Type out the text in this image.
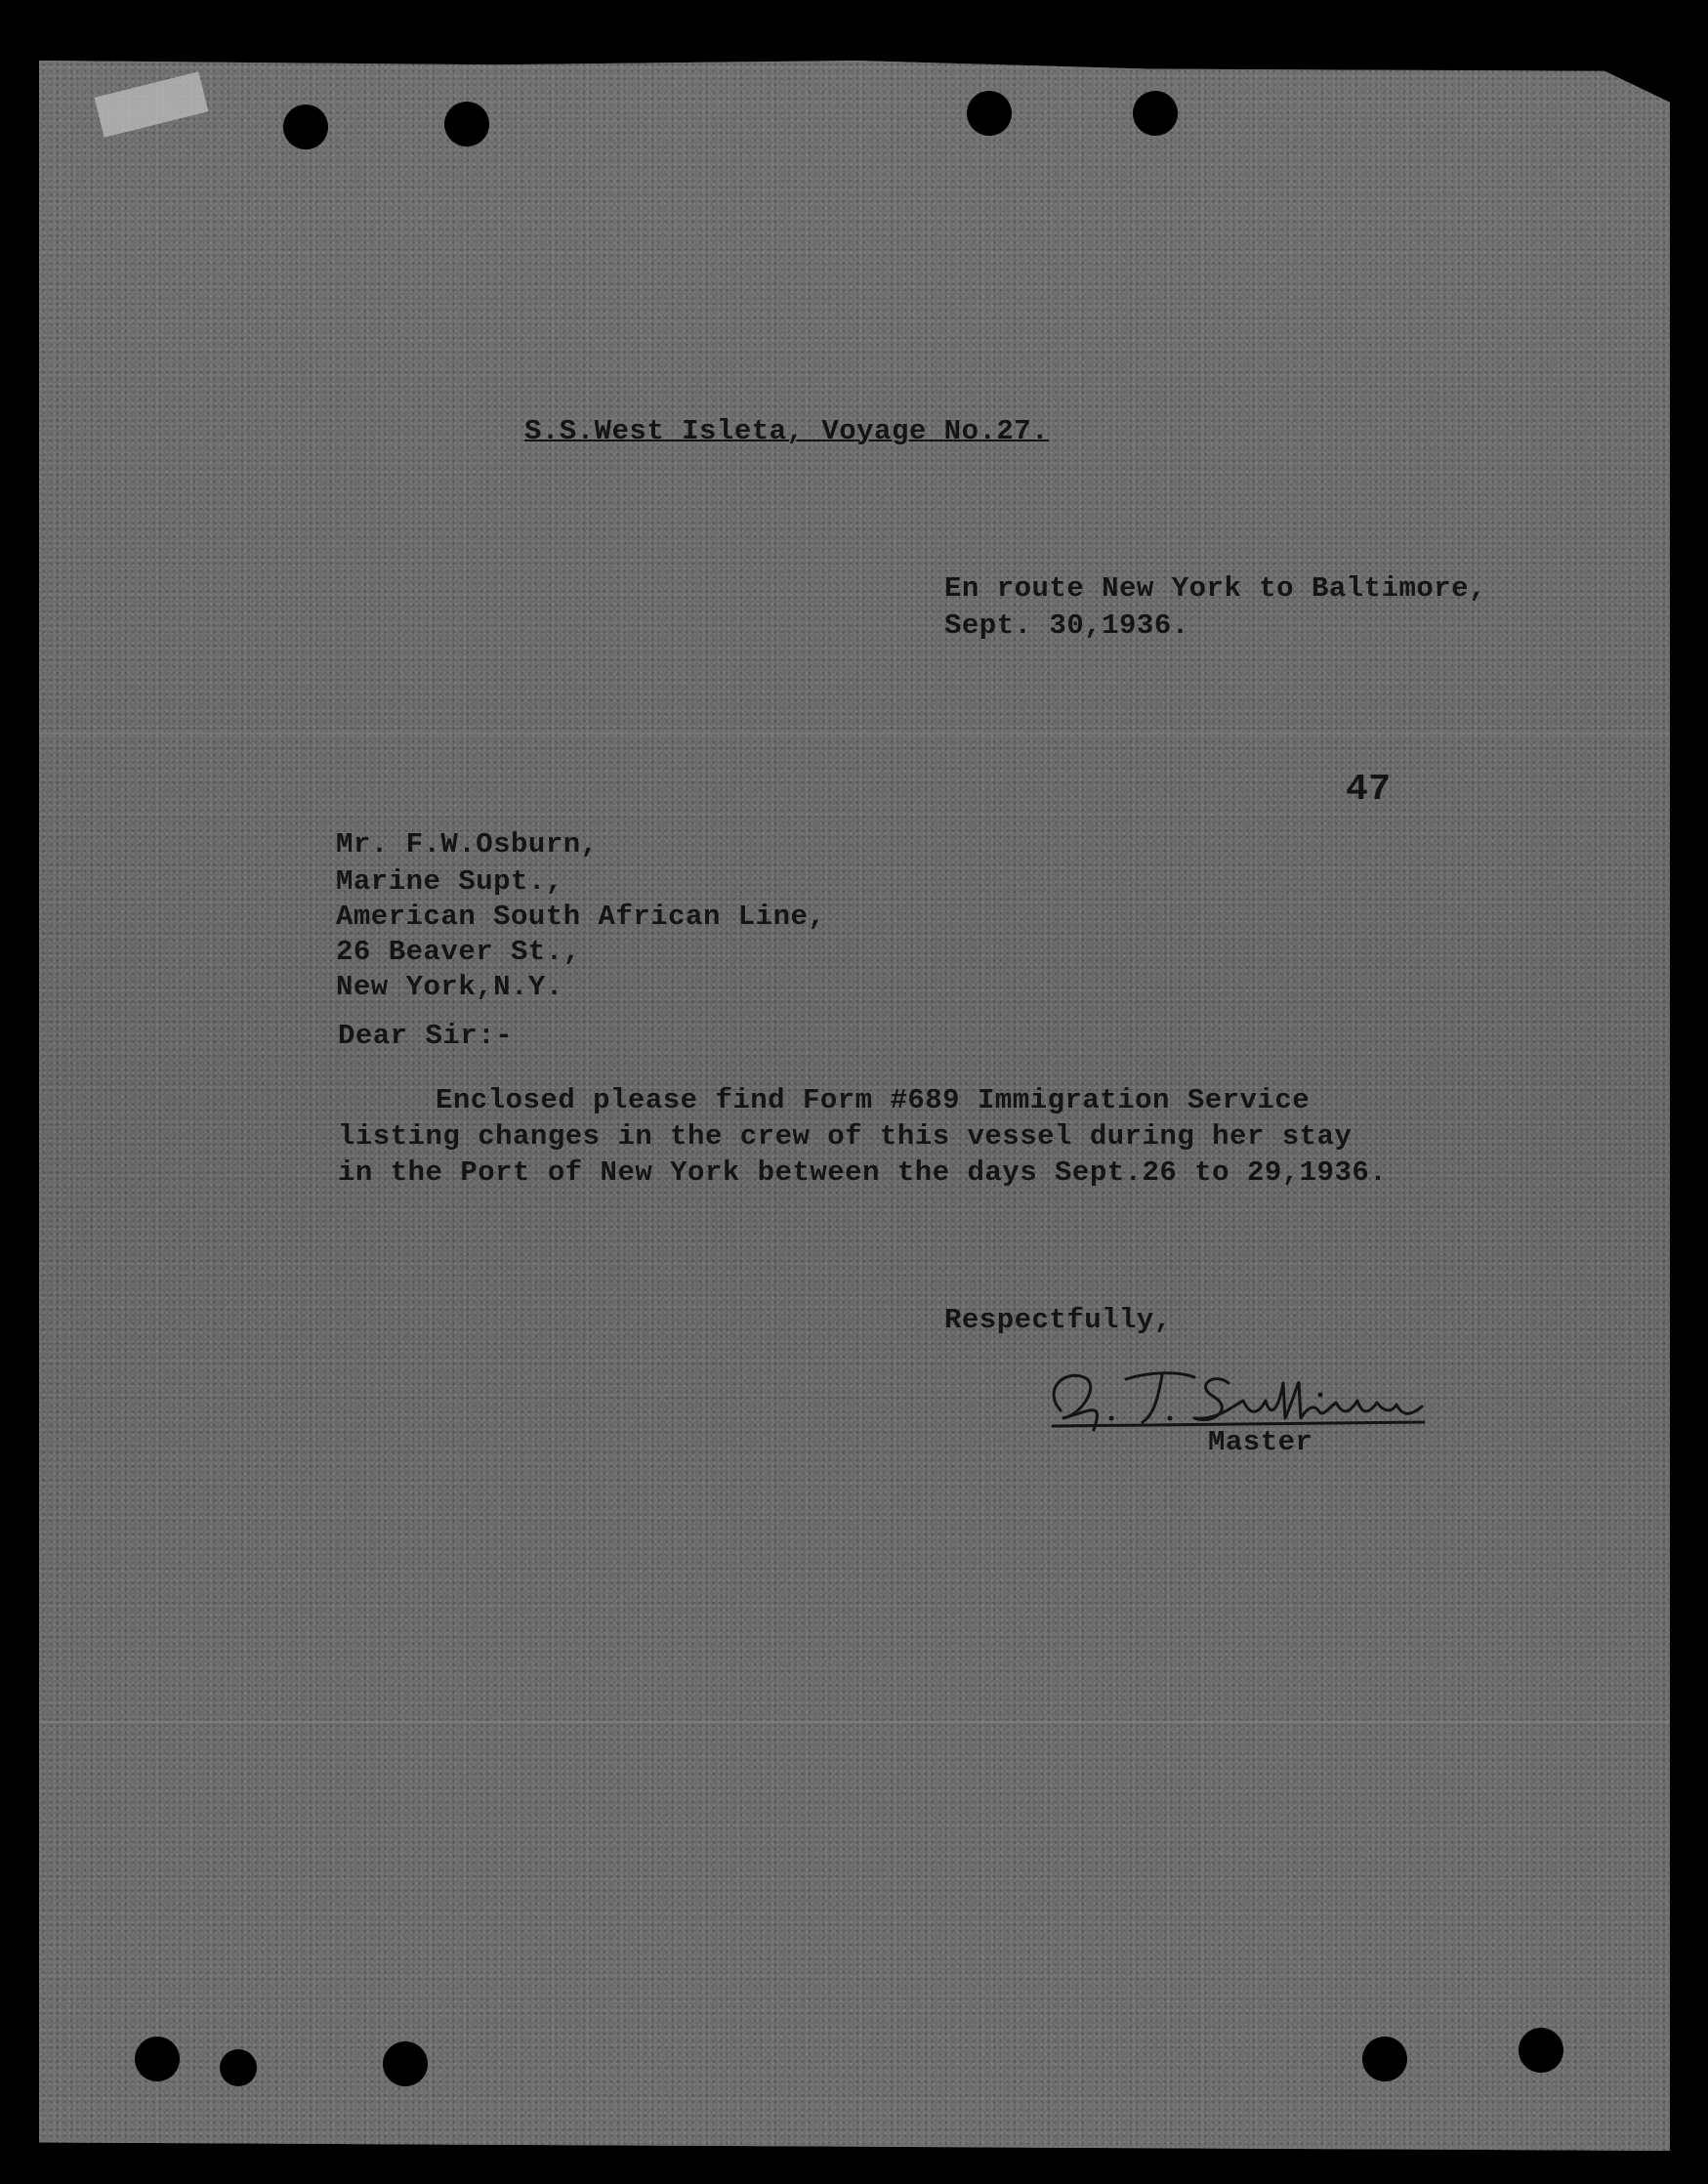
S.S.West Isleta, Voyage No.27.

En route New York to Baltimore,

Sept. 30,1936.

47

Mr. F.W.Osburn,

Marine Supt.,

American South African Line,

26 Beaver St.,

New York,N.Y.

Dear Sir:-

Enclosed please find Form #689 Immigration Service

listing changes in the crew of this vessel during her stay

in the Port of New York between the days Sept.26 to 29,1936.

Respectfully,

Master
